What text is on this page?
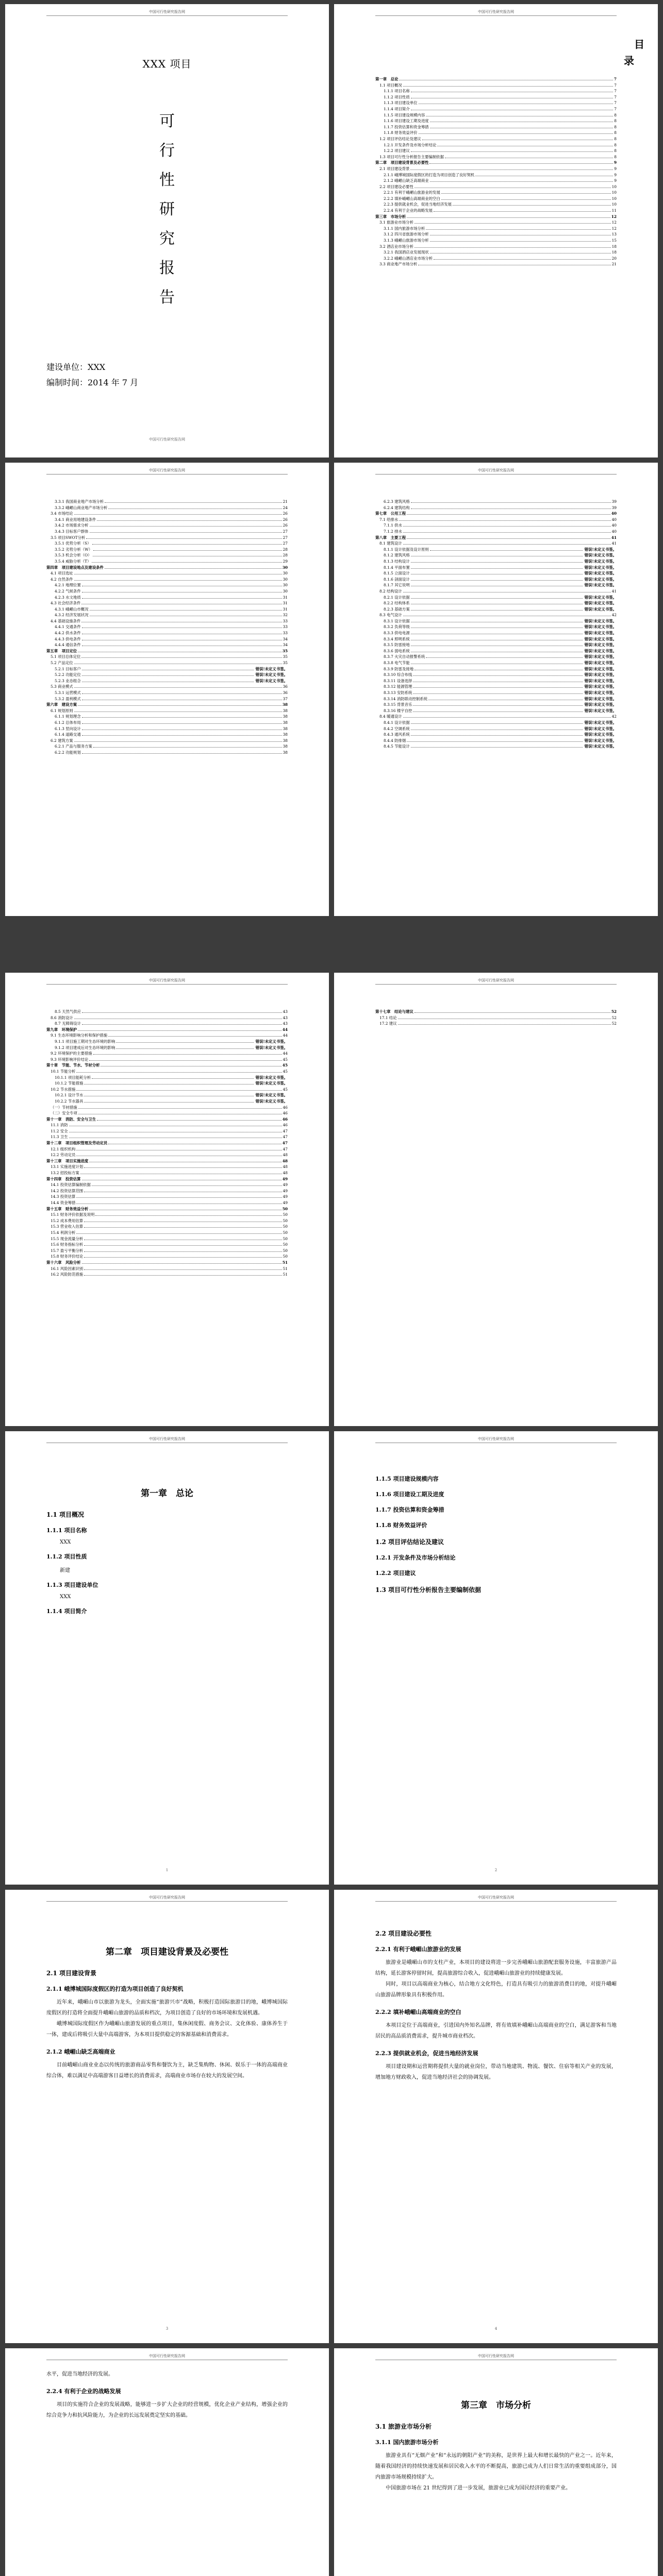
中国可行性研究报告网
XXX 项目
可
行
性
研
究
报
告
建设单位：XXX
编制时间：2014 年 7 月
中国可行性研究报告网
中国可行性研究报告网
目
录
第一章　总论	7
1.1 项目概况	7
1.1.1 项目名称	7
1.1.2 项目性质	7
1.1.3 项目建设单位	7
1.1.4 项目简介	7
1.1.5 项目建设规模内容	8
1.1.6 项目建设工期及进度	8
1.1.7 投资估算和资金筹措	8
1.1.8 财务效益评价	8
1.2 项目评估结论及建议	8
1.2.1 开发条件及市场分析结论	8
1.2.2 项目建议	8
1.3 项目可行性分析报告主要编制依据	8
第二章　项目建设背景及必要性	9
2.1 项目建设背景	9
2.1.1 峨博城国际度假区的打造为项目创造了良好契机	9
2.1.2 峨嵋山缺乏高端商业	9
2.2 项目建设必要性	10
2.2.1 有利于峨嵋山旅游业的发展	10
2.2.2 填补峨嵋山高端商业的空白	10
2.2.3 提供就业机会，促进当地经济发展	10
2.2.4 有利于企业的战略发展	11
第三章　市场分析	12
3.1 旅游业市场分析	12
3.1.1 国内旅游市场分析	12
3.1.2 四川省旅游市场分析	13
3.1.3 峨嵋山旅游市场分析	15
3.2 酒店业市场分析	18
3.2.1 我国酒店业发展现状	18
3.2.2 峨嵋山酒店业市场分析	20
3.3 商业地产市场分析	21
中国可行性研究报告网
3.3.1 我国商业地产市场分析	21
3.3.2 峨嵋山商业地产市场分析	24
3.4 市场结论	26
3.4.1 商业用地建设条件	26
3.4.2 市场需求分析	26
3.4.3 目标客户群体	27
3.5 项目SWOT分析	27
3.5.1 优势分析（S）	27
3.5.2 劣势分析（W）	28
3.5.3 机会分析（O）	28
3.5.4 威胁分析（T）	29
第四章　项目建设地点及建设条件	30
4.1 项目选址	30
4.2 自然条件	30
4.2.1 地理位置	30
4.2.2 气候条件	30
4.2.3 水文地质	31
4.3 社会经济条件	31
4.3.1 峨嵋山市概况	31
4.3.2 经济发展状况	32
4.4 基础设施条件	33
4.4.1 交通条件	33
4.4.2 供水条件	33
4.4.3 供电条件	34
4.4.4 通信条件	34
第五章　项目定位	35
5.1 项目总体定位	35
5.2 产品定位	35
5.2.1 目标客户	错误!未定义书签。
5.2.2 功能定位	错误!未定义书签。
5.2.3 业态组合	错误!未定义书签。
5.3 商业模式	36
5.3.1 运营模式	36
5.3.2 盈利模式	37
第六章　建设方案	38
6.1 规划原则	38
6.1.1 规划理念	38
6.1.2 总体布局	38
6.1.3 竖向设计	38
6.1.4 道路交通	38
6.2 建筑方案	38
6.2.1 产品与服务方案	38
6.2.2 功能规划	38
中国可行性研究报告网
6.2.3 建筑风格	39
6.2.4 建筑结构	39
第七章　公用工程	40
7.1 给排水	40
7.1.1 供水	40
7.1.2 排水	40
第八章　主要工程	41
8.1 建筑设计	41
8.1.1 设计依据及设计原则	错误!未定义书签。
8.1.2 建筑风格	错误!未定义书签。
8.1.3 结构设计	错误!未定义书签。
8.1.4 平面布置	错误!未定义书签。
8.1.5 立面设计	错误!未定义书签。
8.1.6 剖面设计	错误!未定义书签。
8.1.7 其它说明	错误!未定义书签。
8.2 结构设计	41
8.2.1 设计依据	错误!未定义书签。
8.2.2 结构体系	错误!未定义书签。
8.2.3 基础方案	错误!未定义书签。
8.3 电气设计	42
8.3.1 设计依据	错误!未定义书签。
8.3.2 负荷等级	错误!未定义书签。
8.3.3 供电电源	错误!未定义书签。
8.3.4 照明系统	错误!未定义书签。
8.3.5 防雷接地	错误!未定义书签。
8.3.6 弱电系统	错误!未定义书签。
8.3.7 火灾自动报警系统	错误!未定义书签。
8.3.8 电气节能	错误!未定义书签。
8.3.9 防雷及接地	错误!未定义书签。
8.3.10 综合布线	错误!未定义书签。
8.3.11 设备选择	错误!未定义书签。
8.3.12 能源管理	错误!未定义书签。
8.3.13 安防系统	错误!未定义书签。
8.3.14 消防联动控制系统	错误!未定义书签。
8.3.15 背景音乐	错误!未定义书签。
8.3.16 楼宇自控	错误!未定义书签。
8.4 暖通设计	42
8.4.1 设计依据	错误!未定义书签。
8.4.2 空调系统	错误!未定义书签。
8.4.3 通风系统	错误!未定义书签。
8.4.4 防排烟	错误!未定义书签。
8.4.5 节能设计	错误!未定义书签。
中国可行性研究报告网
8.5 天然气供应	43
8.6 消防设计	43
8.7 无障碍设计	43
第九章　环境保护	44
9.1 生态环境影响分析和保护措施	44
9.1.1 项目施工期对生态环境的影响	错误!未定义书签。
9.1.2 项目建成后对生态环境的影响	错误!未定义书签。
9.2 环境保护的主要措施	44
9.3 环境影响评价结论	45
第十章　节能、节水、节材分析	45
10.1 节能分析	45
10.1.1 项目能耗分析	错误!未定义书签。
10.1.2 节能措施	错误!未定义书签。
10.2 节水措施	45
10.2.1 设计节水	错误!未定义书签。
10.2.2 节水器具	错误!未定义书签。
（一）节材措施	46
（二）安全专项	46
第十一章　消防、安全与卫生	46
11.1 消防	46
11.2 安全	47
11.3 卫生	47
第十二章　项目组织管理及劳动定员	47
12.1 组织机构	47
12.2 劳动定员	48
第十三章　项目实施进度	48
13.1 实施进度计划	48
13.2 招投标方案	48
第十四章　投资估算	49
14.1 投资估算编制依据	49
14.2 投资估算范围	49
14.3 投资估算	49
14.4 资金筹措	49
第十五章　财务效益分析	50
15.1 财务评价依据及说明	50
15.2 成本费用估算	50
15.3 营业收入估算	50
15.4 利润分析	50
15.5 现金流量分析	50
15.6 财务指标分析	50
15.7 盈亏平衡分析	50
15.8 财务评价结论	50
第十六章　风险分析	51
16.1 风险因素识别	51
16.2 风险防范措施	51
中国可行性研究报告网
第十七章　结论与建议	52
17.1 结论	52
17.2 建议	52
中国可行性研究报告网
第一章　总论
1.1 项目概况
1.1.1 项目名称
XXX
1.1.2 项目性质
新建
1.1.3 项目建设单位
XXX
1.1.4 项目简介
1
中国可行性研究报告网
1.1.5 项目建设规模内容
1.1.6 项目建设工期及进度
1.1.7 投资估算和资金筹措
1.1.8 财务效益评价
1.2 项目评估结论及建议
1.2.1 开发条件及市场分析结论
1.2.2 项目建议
1.3 项目可行性分析报告主要编制依据
2
中国可行性研究报告网
第二章　项目建设背景及必要性
2.1 项目建设背景
2.1.1 峨博城国际度假区的打造为项目创造了良好契机

近年来，峨嵋山市以旅游为龙头，全面实施“旅游兴市”战略，积极打造国际旅游目的地，峨博城国际度假区的打造将全面提升峨嵋山旅游的品质和档次，为项目创造了良好的市场环境和发展机遇。

峨博城国际度假区作为峨嵋山旅游发展的重点项目，集休闲度假、商务会议、文化体验、康体养生于一体，建成后将吸引大量中高端游客，为本项目提供稳定的客源基础和消费需求。

2.1.2 峨嵋山缺乏高端商业

目前峨嵋山商业业态以传统的旅游商品零售和餐饮为主，缺乏集购物、休闲、娱乐于一体的高端商业综合体，难以满足中高端游客日益增长的消费需求，高端商业市场存在较大的发展空间。

3
中国可行性研究报告网
2.2 项目建设必要性
2.2.1 有利于峨嵋山旅游业的发展

旅游业是峨嵋山市的支柱产业，本项目的建设将进一步完善峨嵋山旅游配套服务设施，丰富旅游产品结构，延长游客停留时间，提高旅游综合收入，促进峨嵋山旅游业的持续健康发展。

同时，项目以高端商业为核心，结合地方文化特色，打造具有吸引力的旅游消费目的地，对提升峨嵋山旅游品牌形象具有积极作用。

2.2.2 填补峨嵋山高端商业的空白

本项目定位于高端商业，引进国内外知名品牌，将有效填补峨嵋山高端商业的空白，满足游客和当地居民的高品质消费需求，提升城市商业档次。

2.2.3 提供就业机会，促进当地经济发展

项目建设期和运营期将提供大量的就业岗位，带动当地建筑、物流、餐饮、住宿等相关产业的发展，增加地方财政收入，促进当地经济社会的协调发展。

4
中国可行性研究报告网

水平，促进当地经济的发展。

2.2.4 有利于企业的战略发展

项目的实施符合企业的发展战略，能够进一步扩大企业的经营规模，优化企业产业结构，增强企业的综合竞争力和抗风险能力，为企业的长远发展奠定坚实的基础。

中国可行性研究报告网
第三章　市场分析
3.1 旅游业市场分析
3.1.1 国内旅游市场分析

旅游业具有“无烟产业”和“永远的朝阳产业”的美称，是世界上最大和增长最快的产业之一。近年来，随着我国经济的持续快速发展和居民收入水平的不断提高，旅游已成为人们日常生活的重要组成部分，国内旅游市场规模持续扩大。

中国旅游市场在 21 世纪得到了进一步发展，旅游业已成为国民经济的重要产业。
